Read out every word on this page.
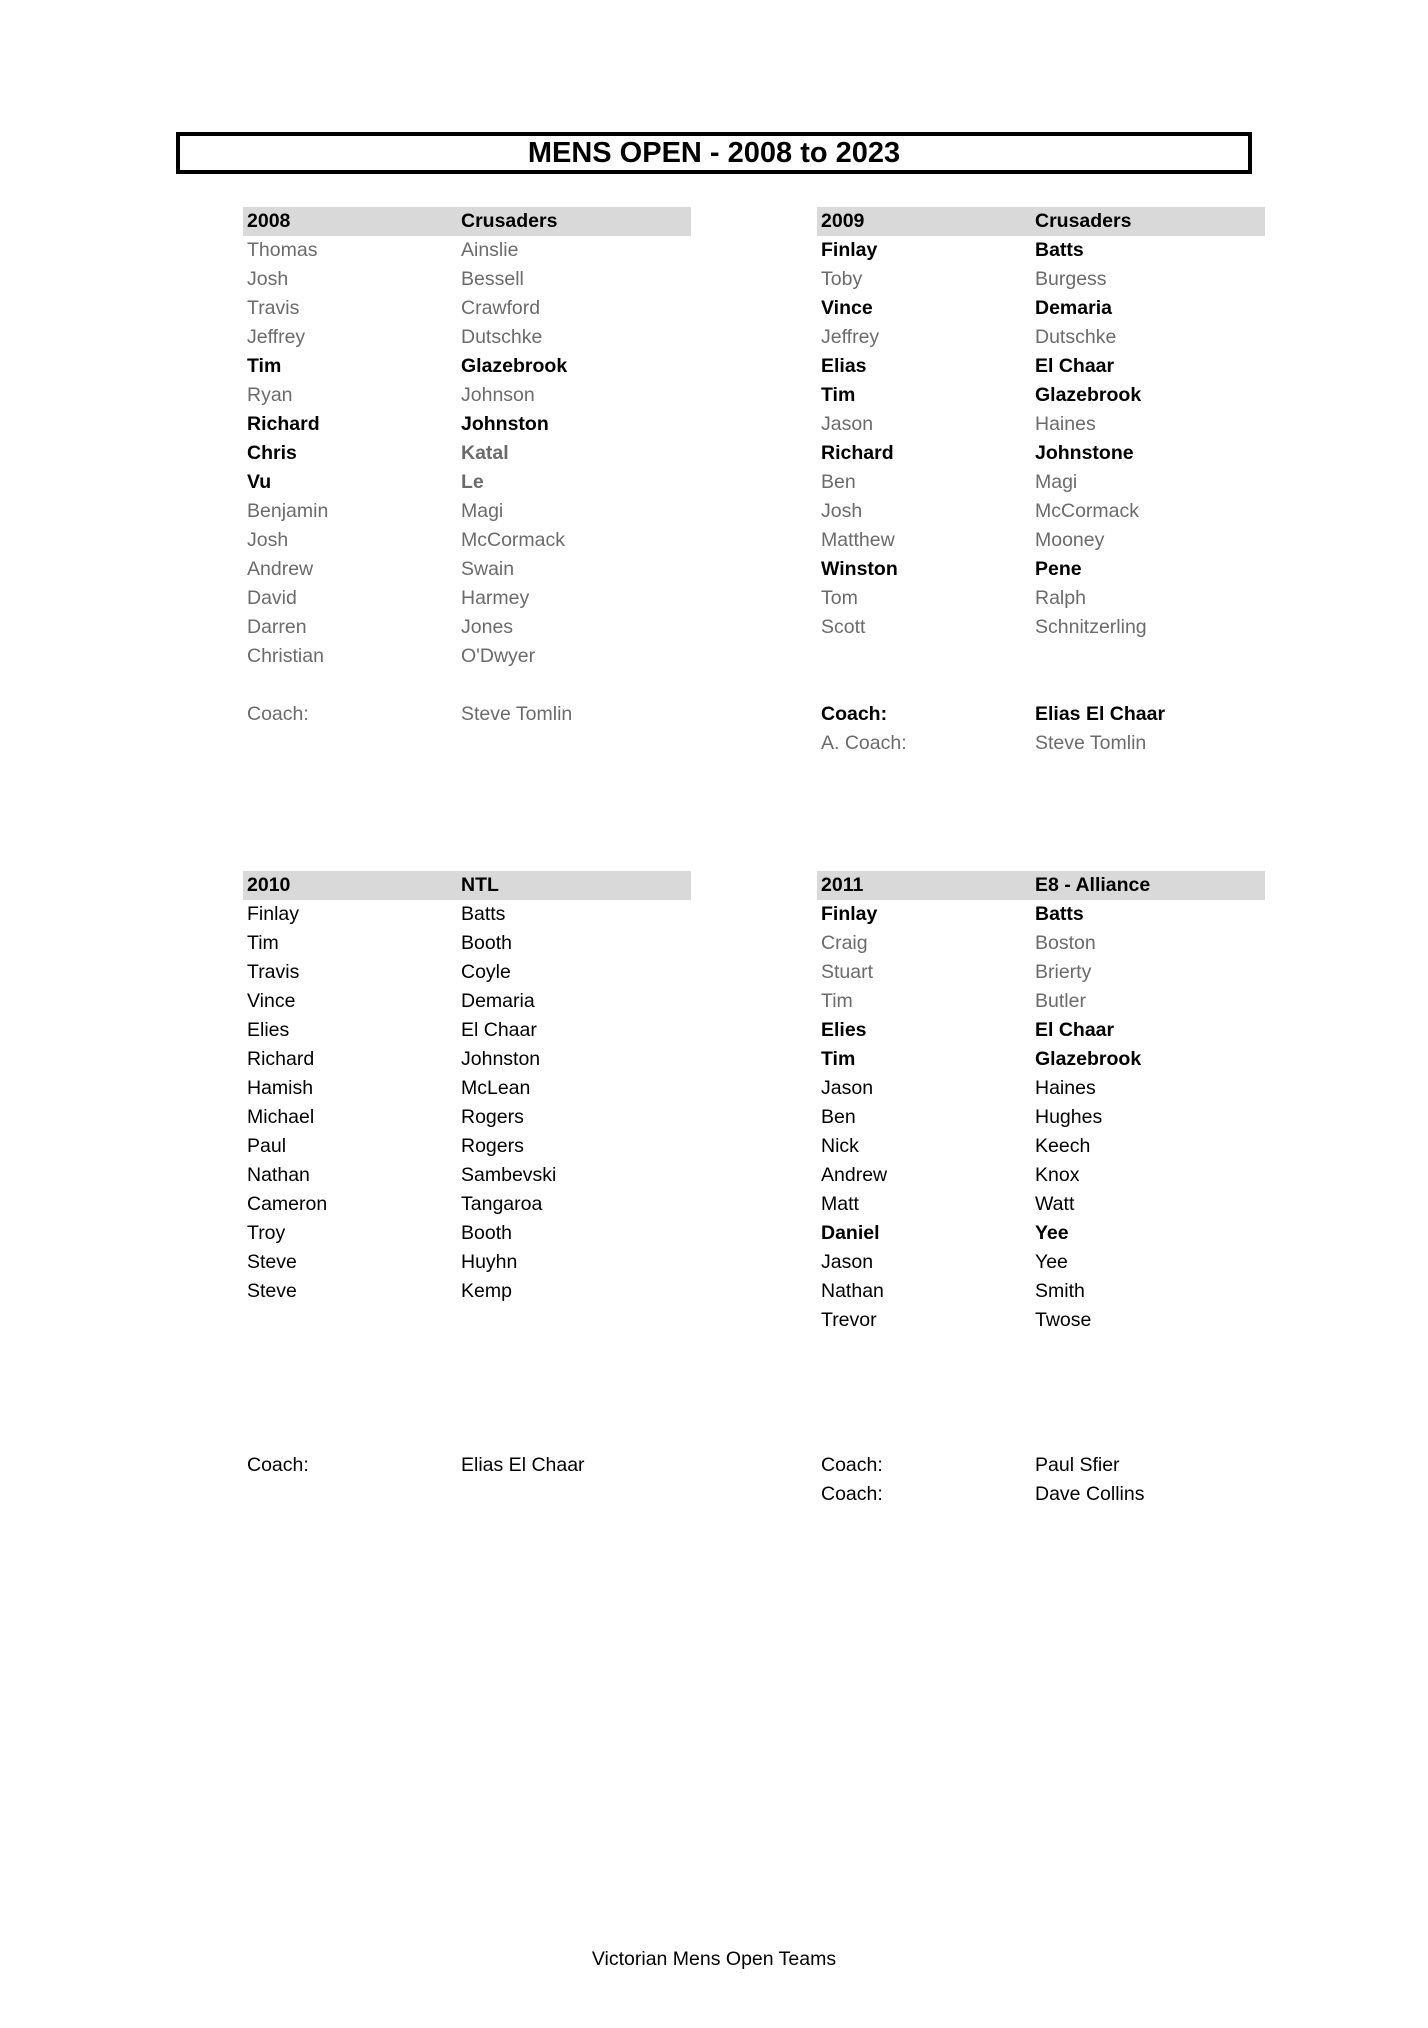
MENS OPEN - 2008 to 2023
2008	Crusaders
Thomas	Ainslie
Josh	Bessell
Travis	Crawford
Jeffrey	Dutschke
Tim	Glazebrook
Ryan	Johnson
Richard	Johnston
Chris	Katal
Vu	Le
Benjamin	Magi
Josh	McCormack
Andrew	Swain
David	Harmey
Darren	Jones
Christian	O'Dwyer
Coach:	Steve Tomlin
2009	Crusaders
Finlay	Batts
Toby	Burgess
Vince	Demaria
Jeffrey	Dutschke
Elias	El Chaar
Tim	Glazebrook
Jason	Haines
Richard	Johnstone
Ben	Magi
Josh	McCormack
Matthew	Mooney
Winston	Pene
Tom	Ralph
Scott	Schnitzerling
Coach:	Elias El Chaar
A. Coach:	Steve Tomlin
2010	NTL
Finlay	Batts
Tim	Booth
Travis	Coyle
Vince	Demaria
Elies	El Chaar
Richard	Johnston
Hamish	McLean
Michael	Rogers
Paul	Rogers
Nathan	Sambevski
Cameron	Tangaroa
Troy	Booth
Steve	Huyhn
Steve	Kemp
Coach:	Elias El Chaar
2011	E8 - Alliance
Finlay	Batts
Craig	Boston
Stuart	Brierty
Tim	Butler
Elies	El Chaar
Tim	Glazebrook
Jason	Haines
Ben	Hughes
Nick	Keech
Andrew	Knox
Matt	Watt
Daniel	Yee
Jason	Yee
Nathan	Smith
Trevor	Twose
Coach:	Paul Sfier
Coach:	Dave Collins
Victorian Mens Open Teams
